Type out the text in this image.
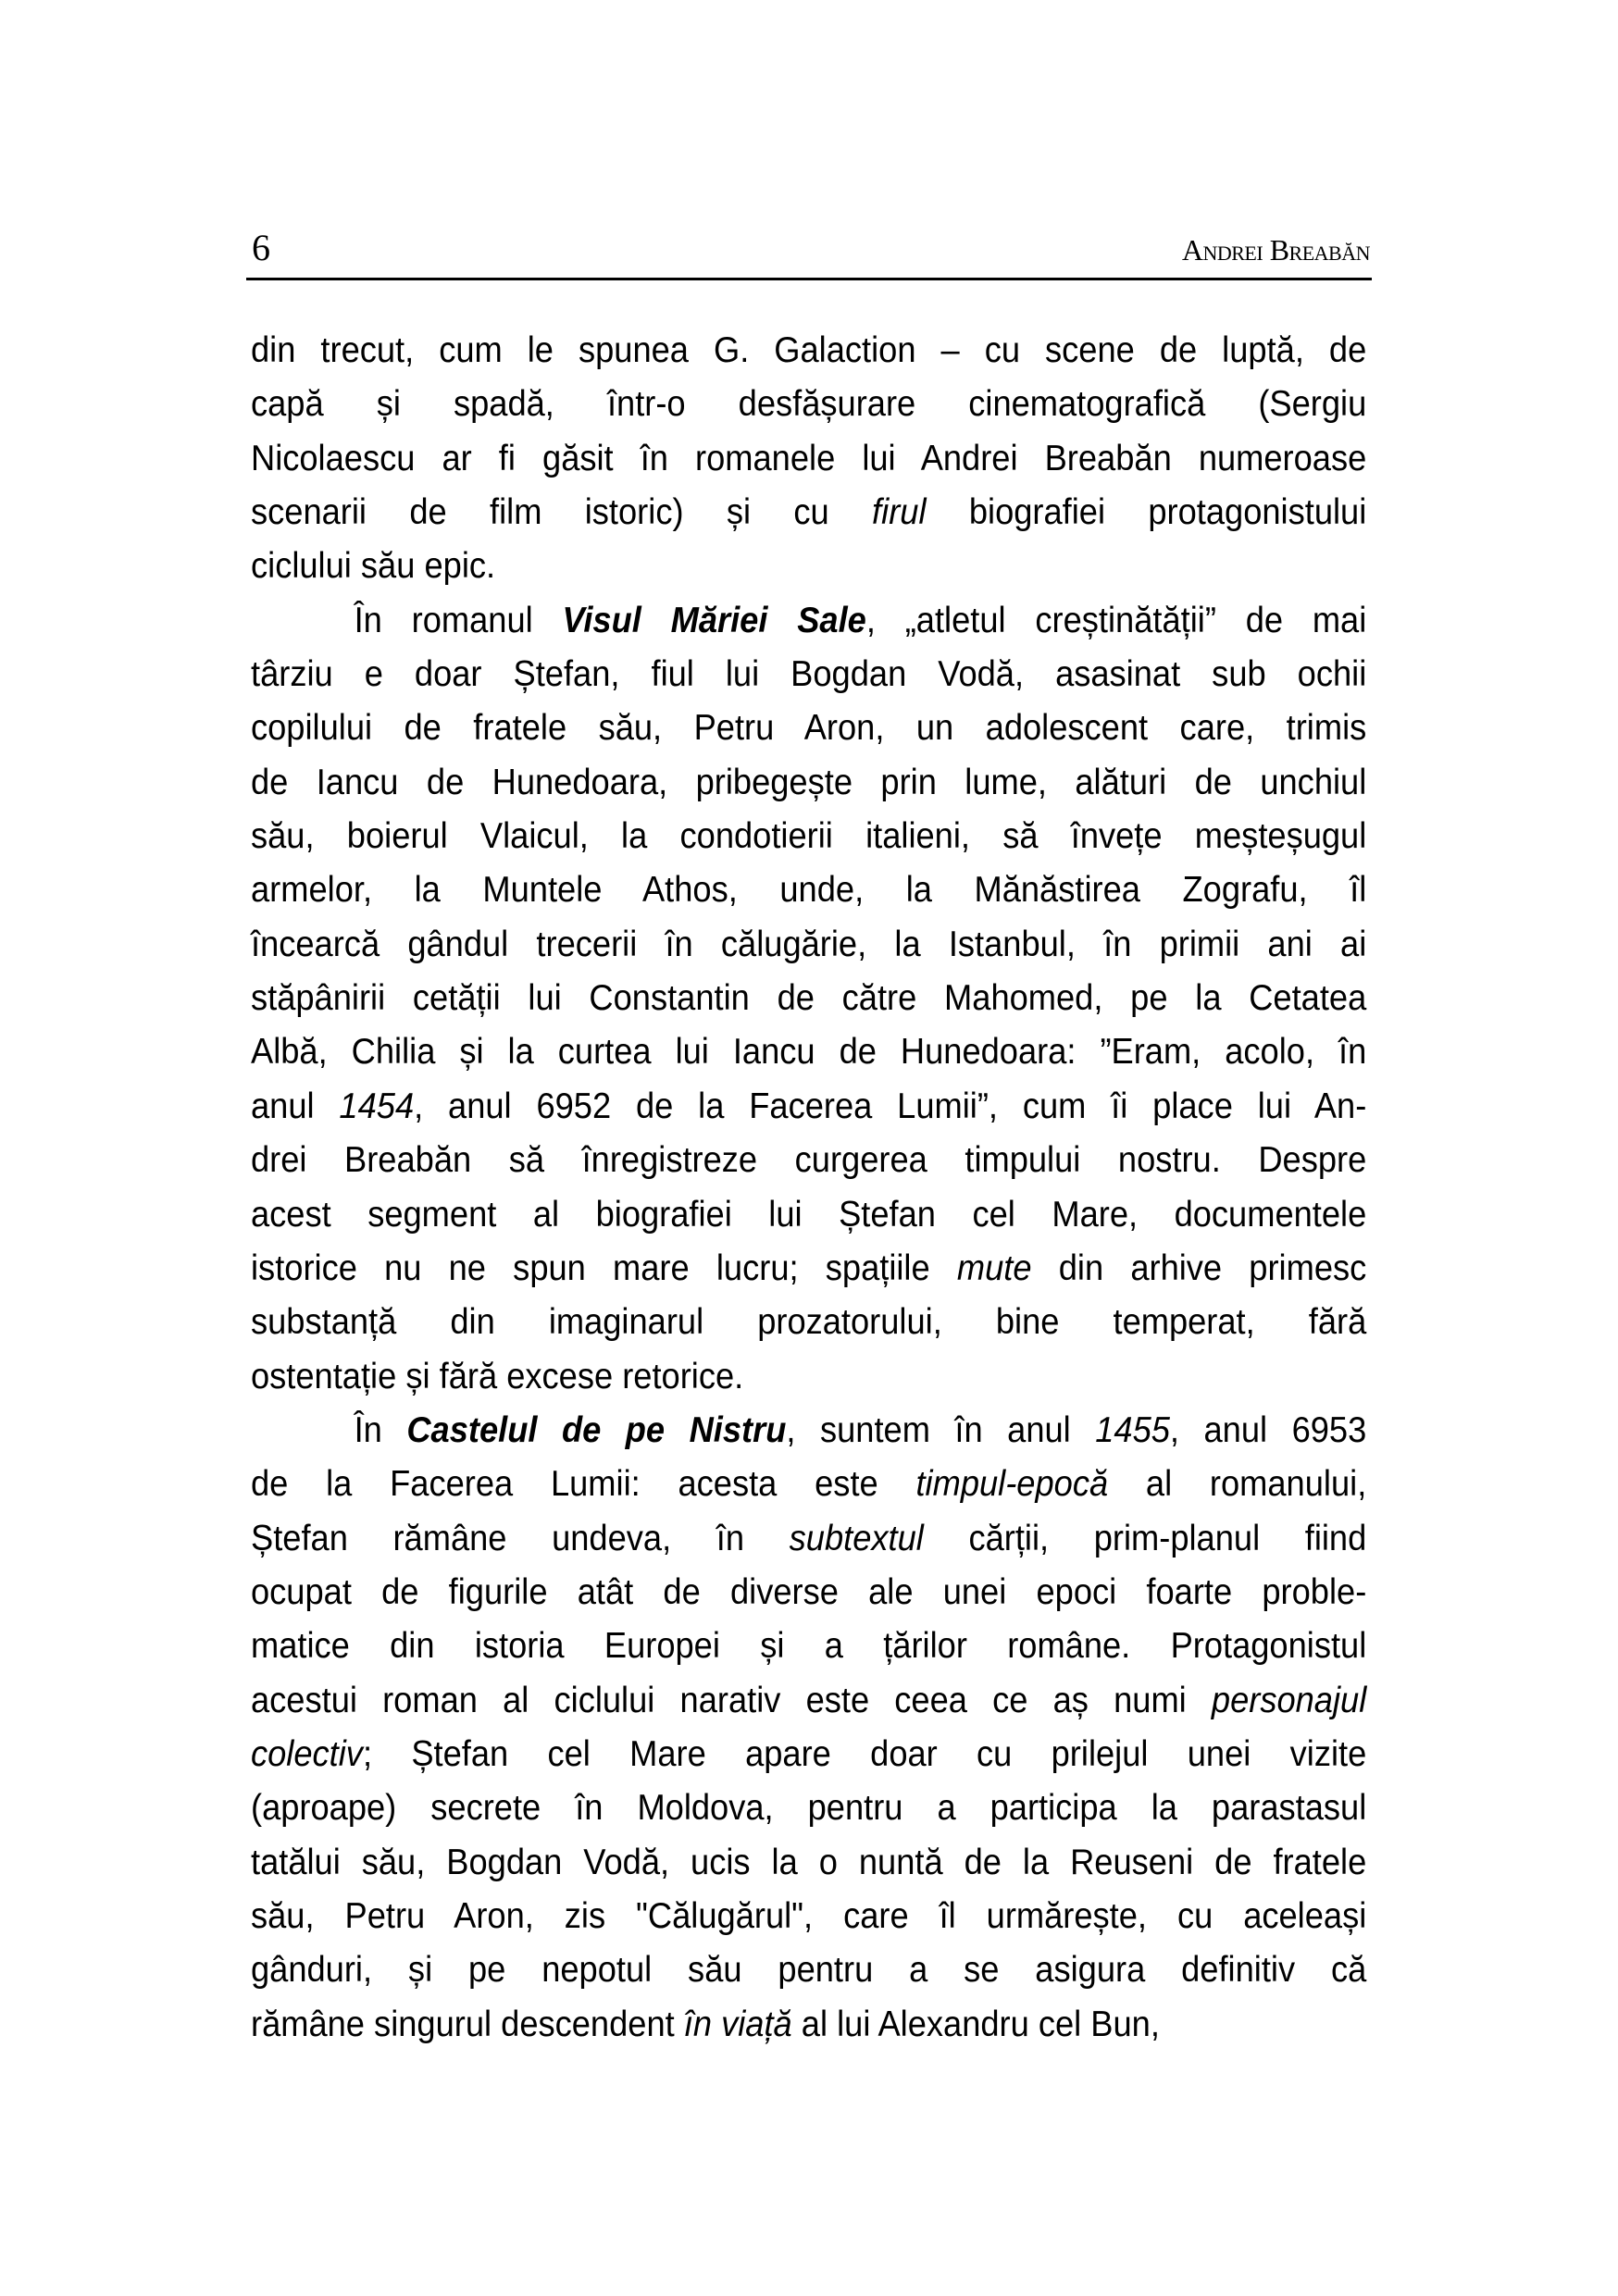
6	Andrei Breabăn
din trecut, cum le spunea G. Galaction – cu scene de luptă, de
capă și spadă, într-o desfășurare cinematografică (Sergiu
Nicolaescu ar fi găsit în romanele lui Andrei Breabăn numeroase
scenarii de film istoric) și cu firul biografiei protagonistului
ciclului său epic.
În romanul Visul Măriei Sale, „atletul creștinătății” de mai
târziu e doar Ștefan, fiul lui Bogdan Vodă, asasinat sub ochii
copilului de fratele său, Petru Aron, un adolescent care, trimis
de Iancu de Hunedoara, pribegește prin lume, alături de unchiul
său, boierul Vlaicul, la condotierii italieni, să învețe meșteșugul
armelor, la Muntele Athos, unde, la Mănăstirea Zografu, îl
încearcă gândul trecerii în călugărie, la Istanbul, în primii ani ai
stăpânirii cetății lui Constantin de către Mahomed, pe la Cetatea
Albă, Chilia și la curtea lui Iancu de Hunedoara: ”Eram, acolo, în
anul 1454, anul 6952 de la Facerea Lumii”, cum îi place lui An-
drei Breabăn să înregistreze curgerea timpului nostru. Despre
acest segment al biografiei lui Ștefan cel Mare, documentele
istorice nu ne spun mare lucru; spațiile mute din arhive primesc
substanță din imaginarul prozatorului, bine temperat, fără
ostentație și fără excese retorice.
În Castelul de pe Nistru, suntem în anul 1455, anul 6953
de la Facerea Lumii: acesta este timpul-epocă al romanului,
Ștefan rămâne undeva, în subtextul cărții, prim-planul fiind
ocupat de figurile atât de diverse ale unei epoci foarte proble-
matice din istoria Europei și a țărilor române. Protagonistul
acestui roman al ciclului narativ este ceea ce aș numi personajul
colectiv; Ștefan cel Mare apare doar cu prilejul unei vizite
(aproape) secrete în Moldova, pentru a participa la parastasul
tatălui său, Bogdan Vodă, ucis la o nuntă de la Reuseni de fratele
său, Petru Aron, zis "Călugărul", care îl urmărește, cu aceleași
gânduri, și pe nepotul său pentru a se asigura definitiv că
rămâne singurul descendent în viață al lui Alexandru cel Bun,
